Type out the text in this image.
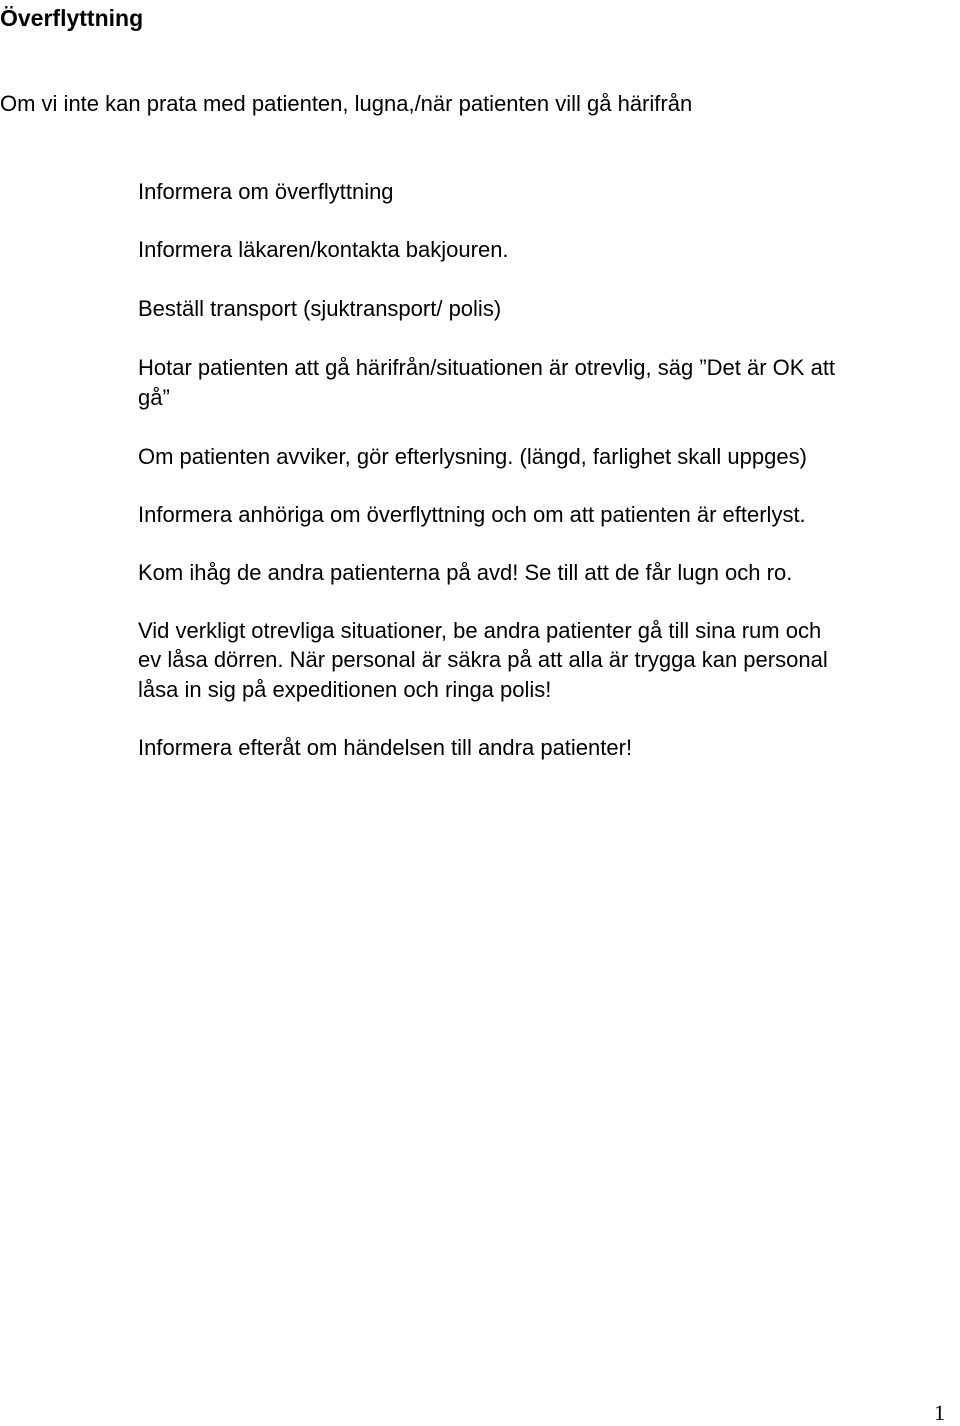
Överflyttning
Om vi inte kan prata med patienten, lugna,/när patienten vill gå härifrån
Informera om överflyttning
Informera läkaren/kontakta bakjouren.
Beställ transport (sjuktransport/ polis)
Hotar patienten att gå härifrån/situationen är otrevlig, säg ”Det är OK att
gå”
Om patienten avviker, gör efterlysning. (längd, farlighet skall uppges)
Informera anhöriga om överflyttning och om att patienten är efterlyst.
Kom ihåg de andra patienterna på avd! Se till att de får lugn och ro.
Vid verkligt otrevliga situationer, be andra patienter gå till sina rum och
ev låsa dörren. När personal är säkra på att alla är trygga kan personal
låsa in sig på expeditionen och ringa polis!
Informera efteråt om händelsen till andra patienter!
1
